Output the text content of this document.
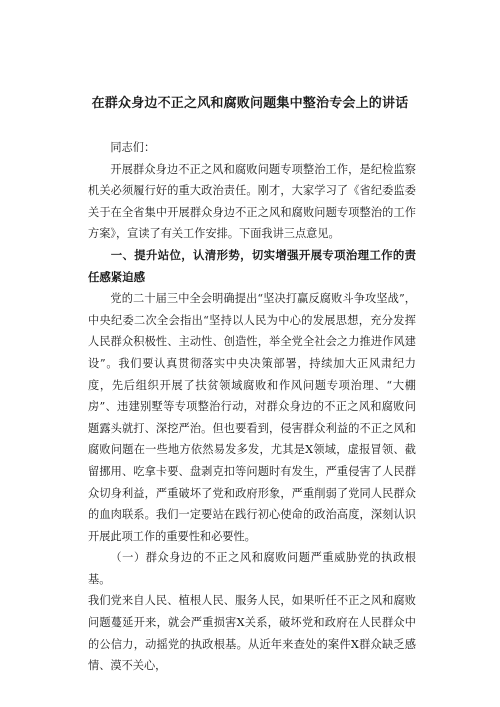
在群众身边不正之风和腐败问题集中整治专会上的讲话

同志们：

开展群众身边不正之风和腐败问题专项整治工作，是纪检监察机关必须履行好的重大政治责任。刚才，大家学习了《省纪委监委关于在全省集中开展群众身边不正之风和腐败问题专项整治的工作方案》，宣读了有关工作安排。下面我讲三点意见。

一、提升站位，认清形势，切实增强开展专项治理工作的责任感紧迫感

党的二十届三中全会明确提出“坚决打赢反腐败斗争攻坚战”，中央纪委二次全会指出“坚持以人民为中心的发展思想，充分发挥人民群众积极性、主动性、创造性，举全党全社会之力推进作风建设”。我们要认真贯彻落实中央决策部署，持续加大正风肃纪力度，先后组织开展了扶贫领域腐败和作风问题专项治理、“大棚房”、违建别墅等专项整治行动，对群众身边的不正之风和腐败问题露头就打、深挖严治。但也要看到，侵害群众利益的不正之风和腐败问题在一些地方依然易发多发，尤其是X领域，虚报冒领、截留挪用、吃拿卡要、盘剥克扣等问题时有发生，严重侵害了人民群众切身利益，严重破坏了党和政府形象，严重削弱了党同人民群众的血肉联系。我们一定要站在践行初心使命的政治高度，深刻认识开展此项工作的重要性和必要性。

（一）群众身边的不正之风和腐败问题严重威胁党的执政根基。

我们党来自人民、植根人民、服务人民，如果听任不正之风和腐败问题蔓延开来，就会严重损害X关系，破坏党和政府在人民群众中的公信力，动摇党的执政根基。从近年来查处的案件X群众缺乏感情、漠不关心，
